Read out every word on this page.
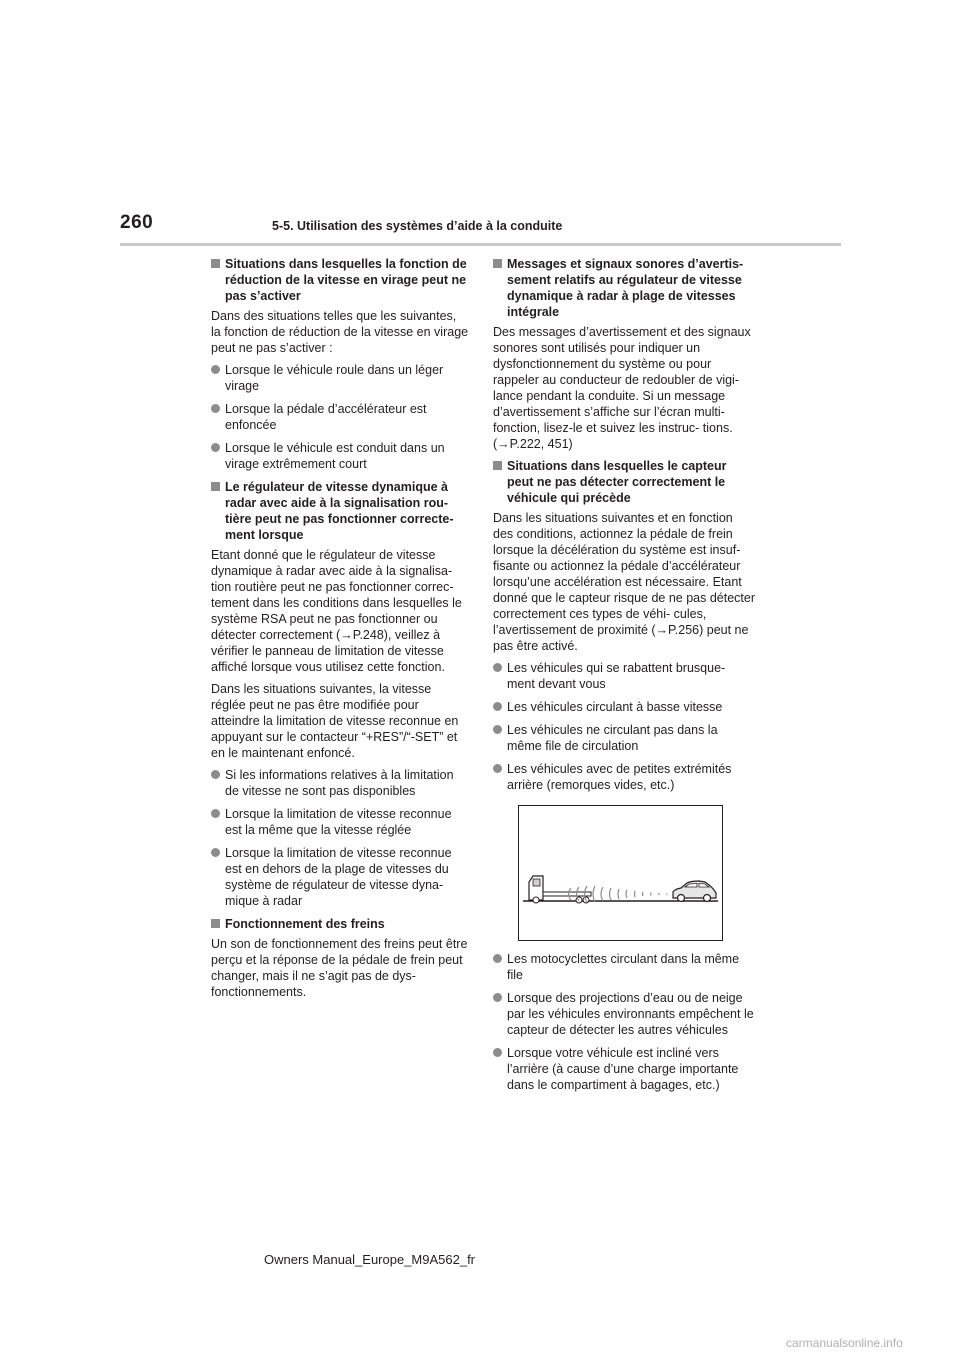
260	5-5. Utilisation des systèmes d’aide à la conduite
Situations dans lesquelles la fonction de réduction de la vitesse en virage peut ne pas s’activer

Dans des situations telles que les suivantes, la fonction de réduction de la vitesse en virage peut ne pas s’activer :

Lorsque le véhicule roule dans un léger virage
Lorsque la pédale d’accélérateur est enfoncée
Lorsque le véhicule est conduit dans un virage extrêmement court
Le régulateur de vitesse dynamique à radar avec aide à la signalisation rou- tière peut ne pas fonctionner correcte- ment lorsque

Etant donné que le régulateur de vitesse dynamique à radar avec aide à la signalisa- tion routière peut ne pas fonctionner correc- tement dans les conditions dans lesquelles le système RSA peut ne pas fonctionner ou détecter correctement (→P.248), veillez à vérifier le panneau de limitation de vitesse affiché lorsque vous utilisez cette fonction.

Dans les situations suivantes, la vitesse réglée peut ne pas être modifiée pour atteindre la limitation de vitesse reconnue en appuyant sur le contacteur “+RES”/“-SET” et en le maintenant enfoncé.

Si les informations relatives à la limitation de vitesse ne sont pas disponibles
Lorsque la limitation de vitesse reconnue est la même que la vitesse réglée
Lorsque la limitation de vitesse reconnue est en dehors de la plage de vitesses du système de régulateur de vitesse dyna- mique à radar
Fonctionnement des freins

Un son de fonctionnement des freins peut être perçu et la réponse de la pédale de frein peut changer, mais il ne s’agit pas de dys- fonctionnements.

Messages et signaux sonores d’avertis- sement relatifs au régulateur de vitesse dynamique à radar à plage de vitesses intégrale

Des messages d’avertissement et des signaux sonores sont utilisés pour indiquer un dysfonctionnement du système ou pour rappeler au conducteur de redoubler de vigi- lance pendant la conduite. Si un message d’avertissement s’affiche sur l’écran multi- fonction, lisez-le et suivez les instruc- tions.(→P.222, 451)

Situations dans lesquelles le capteur peut ne pas détecter correctement le véhicule qui précède

Dans les situations suivantes et en fonction des conditions, actionnez la pédale de frein lorsque la décélération du système est insuf- fisante ou actionnez la pédale d’accélérateur lorsqu’une accélération est nécessaire. Etant donné que le capteur risque de ne pas détecter correctement ces types de véhi- cules, l’avertissement de proximité (→P.256) peut ne pas être activé.

Les véhicules qui se rabattent brusque- ment devant vous
Les véhicules circulant à basse vitesse
Les véhicules ne circulant pas dans la même file de circulation
Les véhicules avec de petites extrémités arrière (remorques vides, etc.)
Les motocyclettes circulant dans la même file
Lorsque des projections d’eau ou de neige par les véhicules environnants empêchent le capteur de détecter les autres véhicules
Lorsque votre véhicule est incliné vers l’arrière (à cause d’une charge importante dans le compartiment à bagages, etc.)
Owners Manual_Europe_M9A562_fr
carmanualsonline.info
